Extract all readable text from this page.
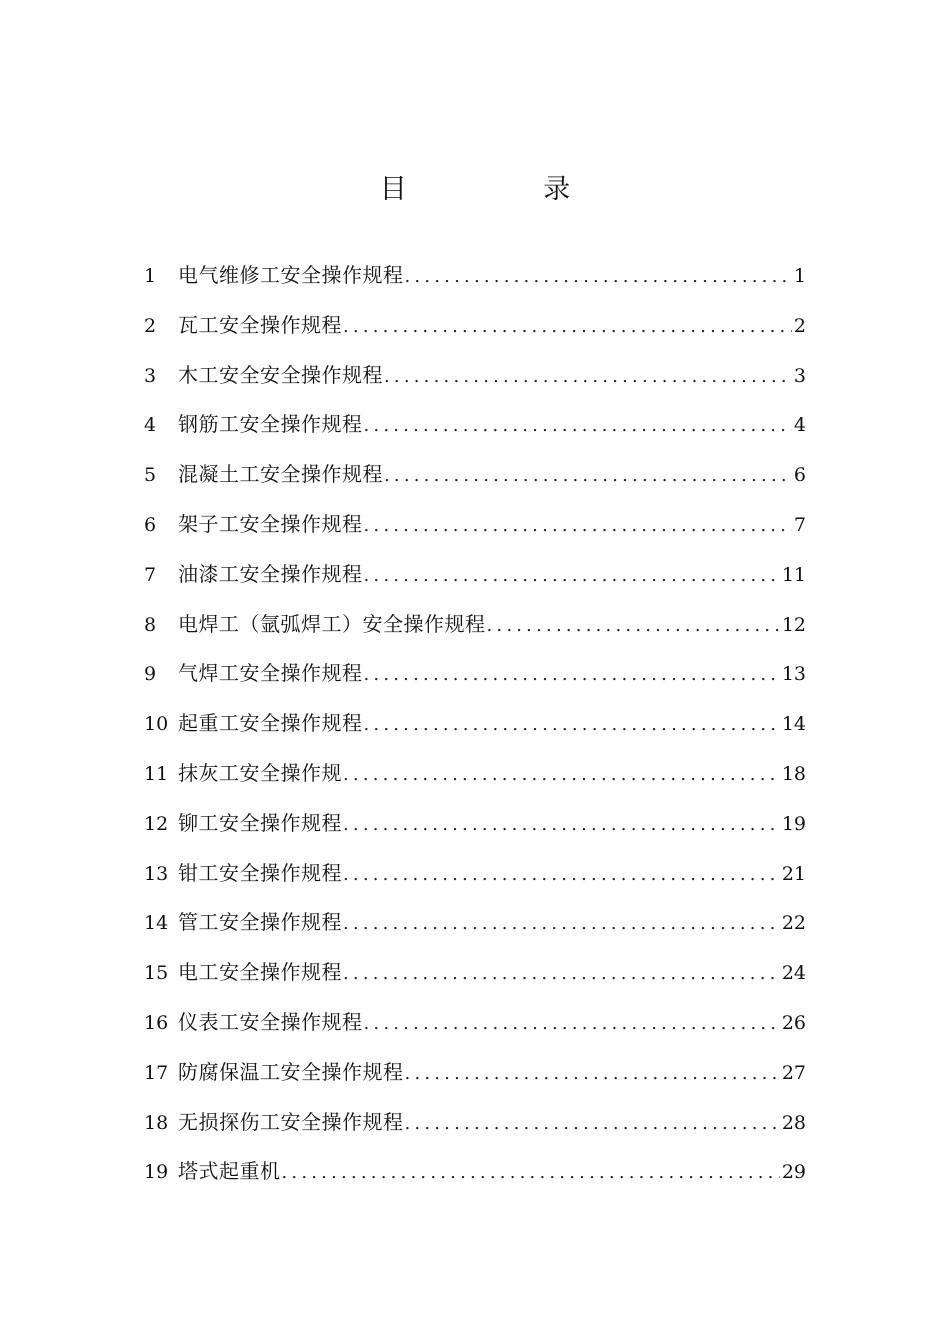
目 录
1	电气维修工安全操作规程 .....	1
2	瓦工安全操作规程 .....	2
3	木工安全安全操作规程 .....	3
4	钢筋工安全操作规程 .....	4
5	混凝土工安全操作规程 .....	6
6	架子工安全操作规程 .....	7
7	油漆工安全操作规程 .....	11
8	电焊工（氩弧焊工）安全操作规程 .....	12
9	气焊工安全操作规程 .....	13
10 起重工安全操作规程 .....	14
11 抹灰工安全操作规 .....	18
12 铆工安全操作规程 .....	19
13 钳工安全操作规程 .....	21
14 管工安全操作规程 .....	22
15 电工安全操作规程 .....	24
16 仪表工安全操作规程 .....	26
17 防腐保温工安全操作规程 .....	27
18 无损探伤工安全操作规程 .....	28
19 塔式起重机 .....	29
